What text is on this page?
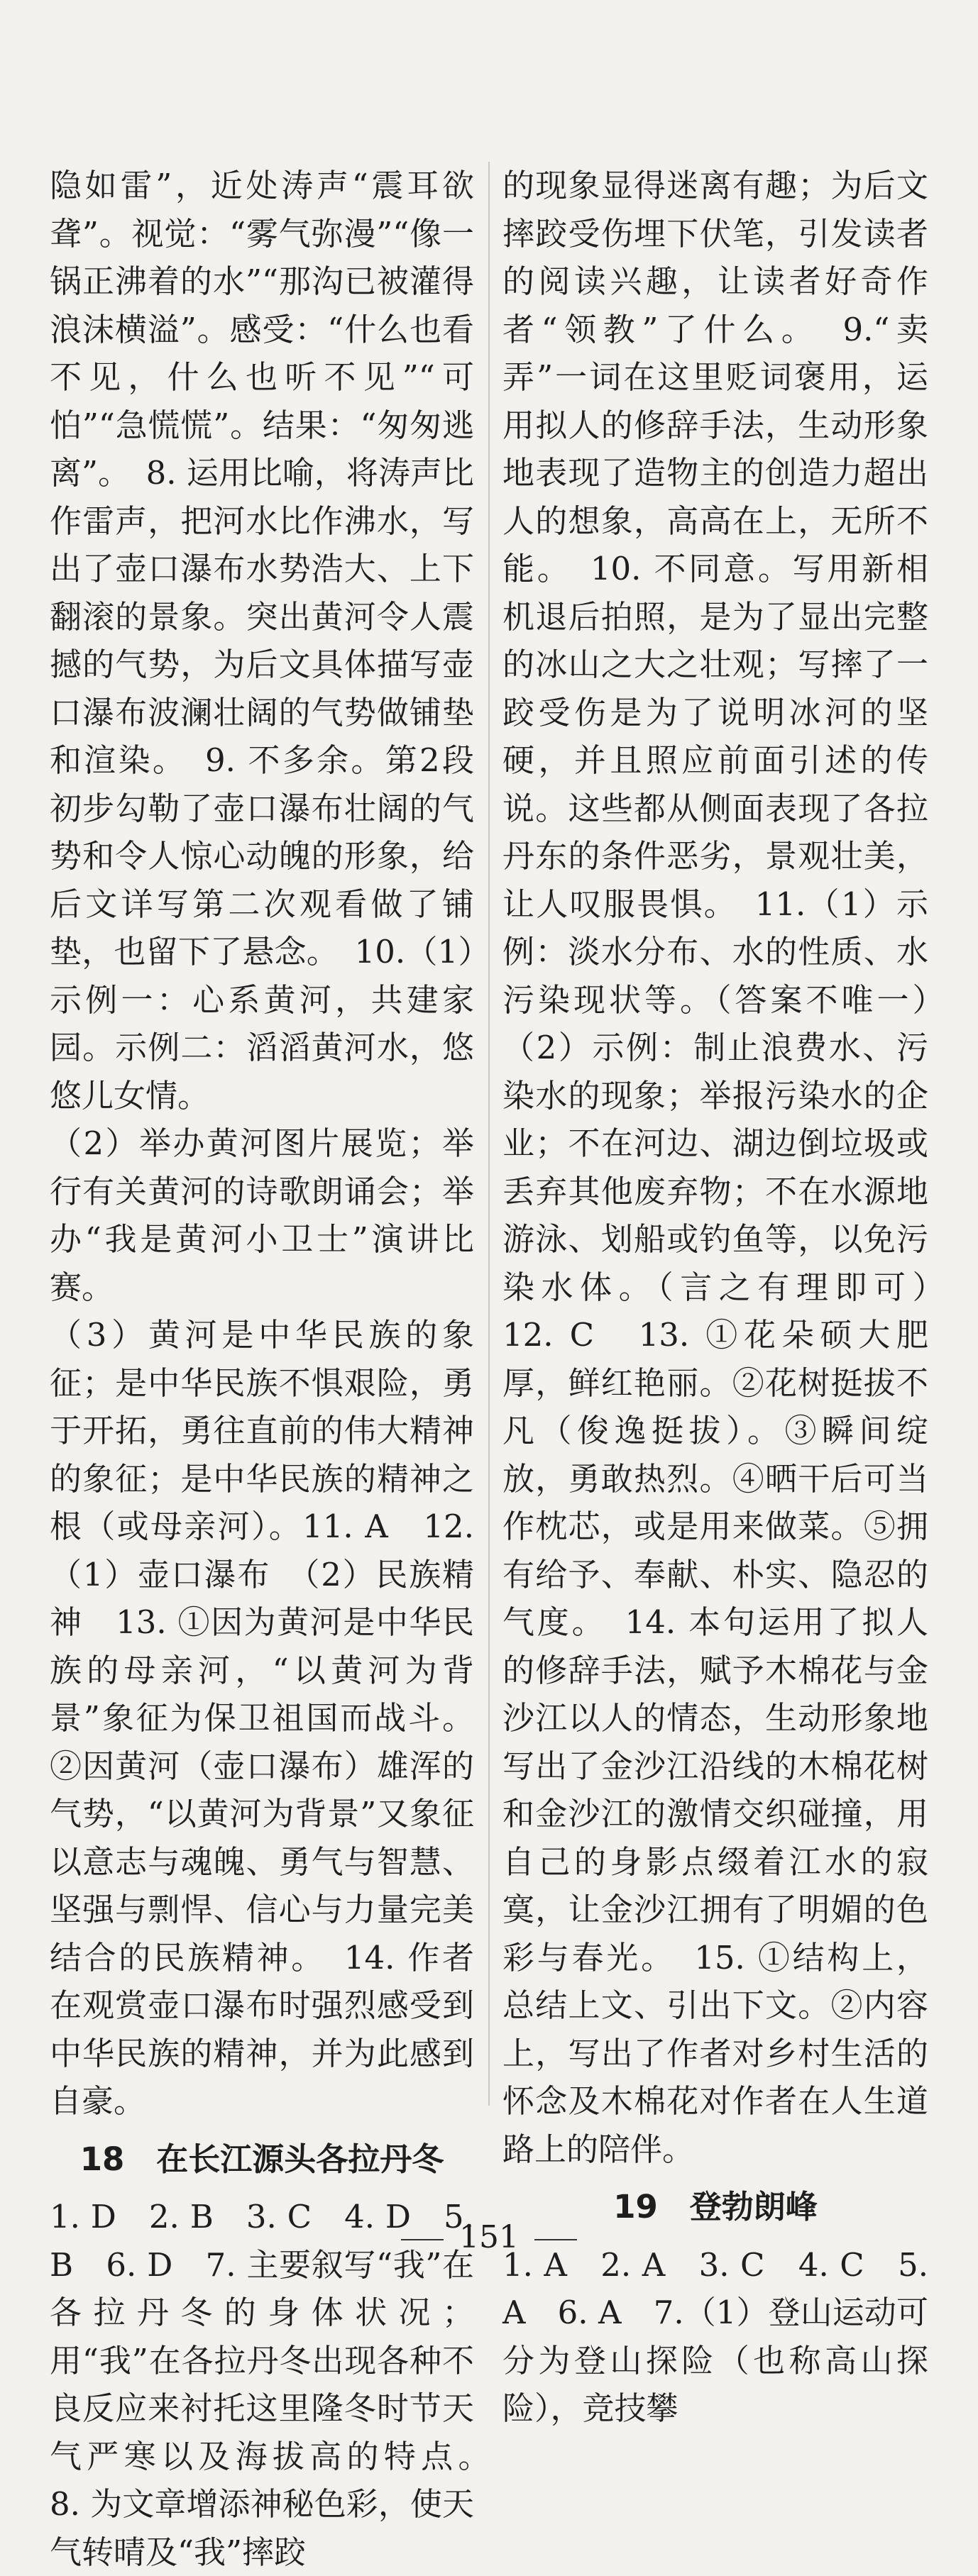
隐如雷”，近处涛声“震耳欲聋”。视觉：“雾气弥漫”“像一锅正沸着的水”“那沟已被灌得浪沫横溢”。感受：“什么也看不见，什么也听不见”“可怕”“急慌慌”。结果：“匆匆逃离”。　8. 运用比喻，将涛声比作雷声，把河水比作沸水，写出了壶口瀑布水势浩大、上下翻滚的景象。突出黄河令人震撼的气势，为后文具体描写壶口瀑布波澜壮阔的气势做铺垫和渲染。　9. 不多余。第2段初步勾勒了壶口瀑布壮阔的气势和令人惊心动魄的形象，给后文详写第二次观看做了铺垫，也留下了悬念。　10.（1）示例一：心系黄河，共建家园。示例二：滔滔黄河水，悠悠儿女情。

（2）举办黄河图片展览；举行有关黄河的诗歌朗诵会；举办“我是黄河小卫士”演讲比赛。

（3）黄河是中华民族的象征；是中华民族不惧艰险，勇于开拓，勇往直前的伟大精神的象征；是中华民族的精神之根（或母亲河）。11. A　12.（1）壶口瀑布　（2）民族精神　13. ①因为黄河是中华民族的母亲河，“以黄河为背景”象征为保卫祖国而战斗。②因黄河（壶口瀑布）雄浑的气势，“以黄河为背景”又象征以意志与魂魄、勇气与智慧、坚强与剽悍、信心与力量完美结合的民族精神。　14. 作者在观赏壶口瀑布时强烈感受到中华民族的精神，并为此感到自豪。

18　在长江源头各拉丹冬

1. D　2. B　3. C　4. D　5. B　6. D　7. 主要叙写“我”在各拉丹冬的身体状况；用“我”在各拉丹冬出现各种不良反应来衬托这里隆冬时节天气严寒以及海拔高的特点。　8. 为文章增添神秘色彩，使天气转晴及“我”摔跤

的现象显得迷离有趣；为后文摔跤受伤埋下伏笔，引发读者的阅读兴趣，让读者好奇作者“领教”了什么。　9.“卖弄”一词在这里贬词褒用，运用拟人的修辞手法，生动形象地表现了造物主的创造力超出人的想象，高高在上，无所不能。　10. 不同意。写用新相机退后拍照，是为了显出完整的冰山之大之壮观；写摔了一跤受伤是为了说明冰河的坚硬，并且照应前面引述的传说。这些都从侧面表现了各拉丹东的条件恶劣，景观壮美，让人叹服畏惧。　11.（1）示例：淡水分布、水的性质、水污染现状等。（答案不唯一）　（2）示例：制止浪费水、污染水的现象；举报污染水的企业；不在河边、湖边倒垃圾或丢弃其他废弃物；不在水源地游泳、划船或钓鱼等，以免污染水体。（言之有理即可）　12. C　13. ①花朵硕大肥厚，鲜红艳丽。②花树挺拔不凡（俊逸挺拔）。③瞬间绽放，勇敢热烈。④晒干后可当作枕芯，或是用来做菜。⑤拥有给予、奉献、朴实、隐忍的气度。　14. 本句运用了拟人的修辞手法，赋予木棉花与金沙江以人的情态，生动形象地写出了金沙江沿线的木棉花树和金沙江的激情交织碰撞，用自己的身影点缀着江水的寂寞，让金沙江拥有了明媚的色彩与春光。　15. ①结构上，总结上文、引出下文。②内容上，写出了作者对乡村生活的怀念及木棉花对作者在人生道路上的陪伴。

19　登勃朗峰

1. A　2. A　3. C　4. C　5. A　6. A　7.（1）登山运动可分为登山探险（也称高山探险），竞技攀

151
